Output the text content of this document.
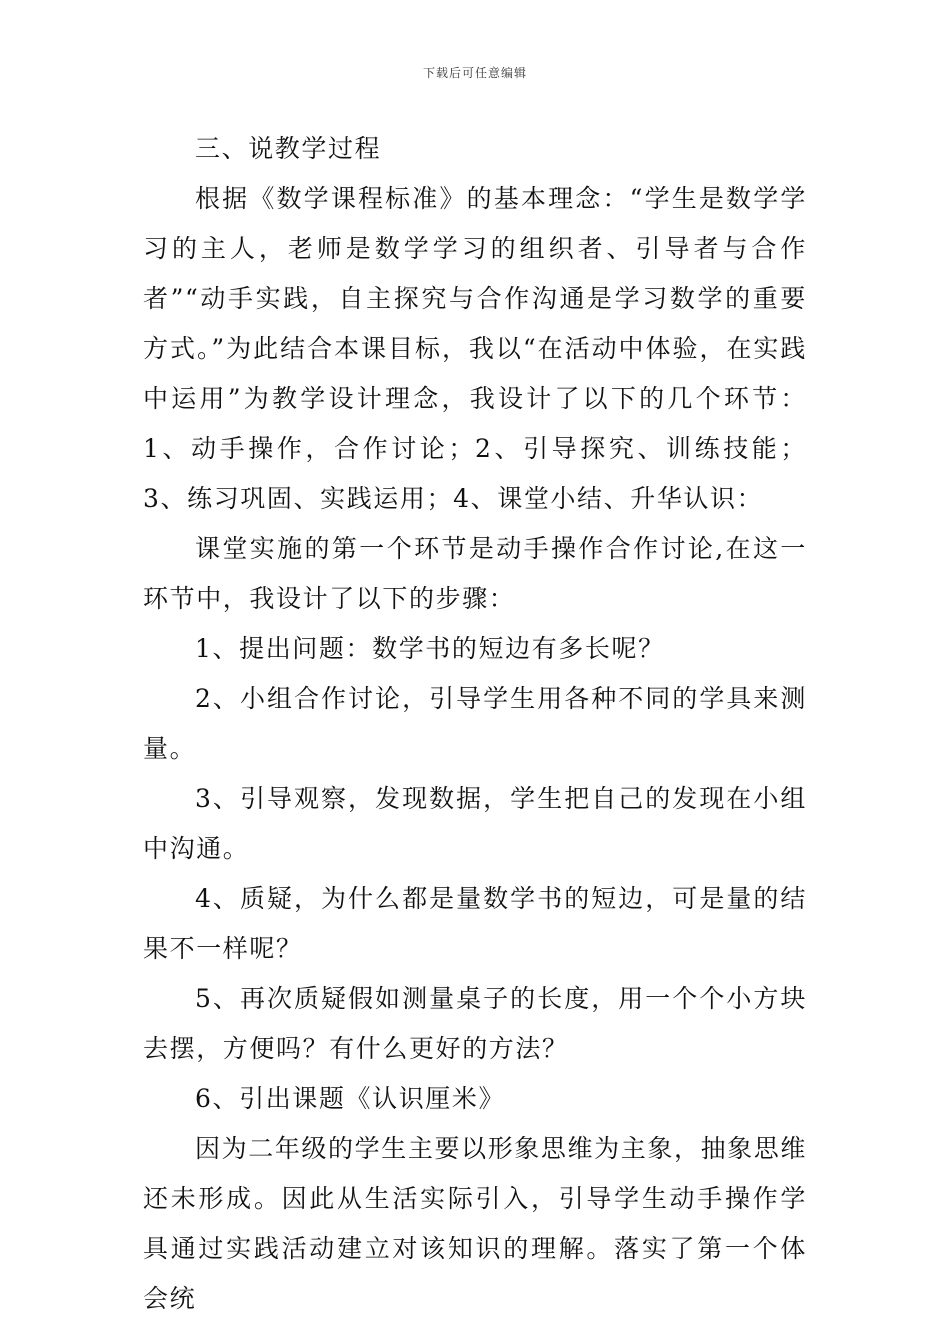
下载后可任意编辑

三、说教学过程

根据《数学课程标准》的基本理念：“学生是数学学习的主人，老师是数学学习的组织者、引导者与合作者”“动手实践，自主探究与合作沟通是学习数学的重要方式。”为此结合本课目标，我以“在活动中体验，在实践中运用”为教学设计理念，我设计了以下的几个环节：1、动手操作，合作讨论；2、引导探究、训练技能；3、练习巩固、实践运用；4、课堂小结、升华认识：

课堂实施的第一个环节是动手操作合作讨论,在这一环节中，我设计了以下的步骤：

1、提出问题：数学书的短边有多长呢？

2、小组合作讨论，引导学生用各种不同的学具来测量。

3、引导观察，发现数据，学生把自己的发现在小组中沟通。

4、质疑，为什么都是量数学书的短边，可是量的结果不一样呢？

5、再次质疑假如测量桌子的长度，用一个个小方块去摆，方便吗？有什么更好的方法？

6、引出课题《认识厘米》

因为二年级的学生主要以形象思维为主象，抽象思维还未形成。因此从生活实际引入，引导学生动手操作学具通过实践活动建立对该知识的理解。落实了第一个体会统
